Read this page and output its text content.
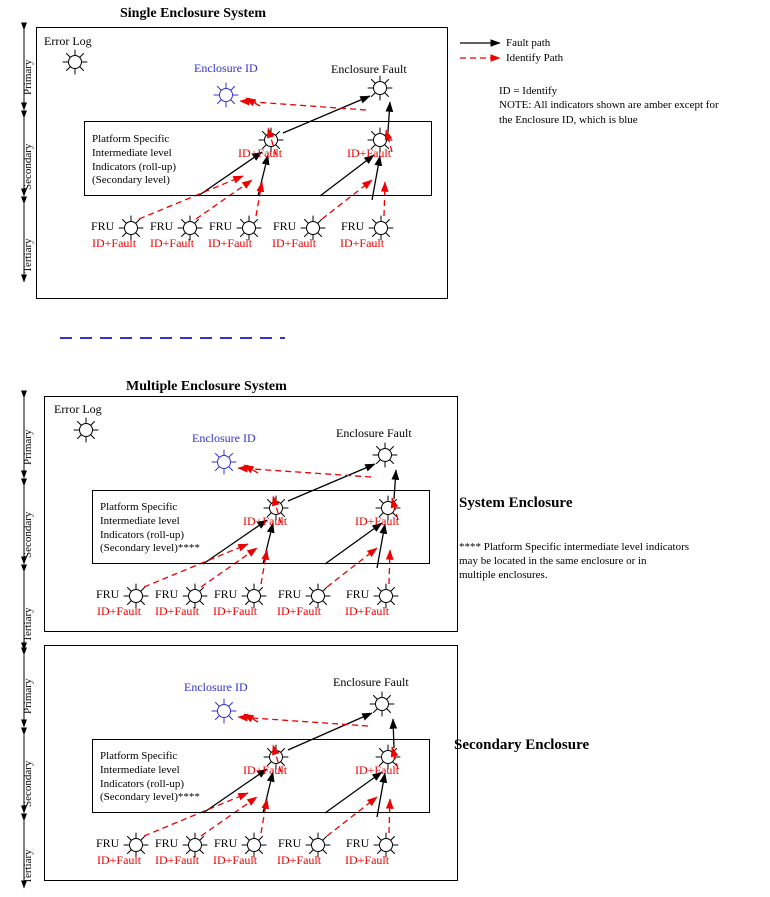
Single Enclosure System
Error Log
Enclosure ID	Enclosure Fault
Platform Specific
Intermediate level
Indicators (roll-up)
(Secondary level)
ID+Fault	ID+Fault
FRU	FRU	FRU	FRU	FRU
ID+Fault ID+Fault ID+Fault ID+Fault ID+Fault
Primary
Secondary
Tertiary
Fault path
Identify Path
ID = Identify
NOTE: All indicators shown are amber except for
the Enclosure ID, which is blue
Multiple Enclosure System
Error Log
Enclosure ID	Enclosure Fault
Platform Specific
Intermediate level
Indicators (roll-up)
(Secondary level)****
ID+Fault	ID+Fault
FRU	FRU	FRU	FRU	FRU
ID+Fault ID+Fault ID+Fault ID+Fault ID+Fault
Primary
Secondary
Tertiary
System Enclosure
**** Platform Specific intermediate level indicators
may be located in the same enclosure or in
multiple enclosures.
Enclosure ID	Enclosure Fault
Platform Specific
Intermediate level
Indicators (roll-up)
(Secondary level)****
ID+Fault	ID+Fault
FRU	FRU	FRU	FRU	FRU
ID+Fault ID+Fault ID+Fault ID+Fault ID+Fault
Primary
Secondary
Tertiary
Secondary Enclosure
